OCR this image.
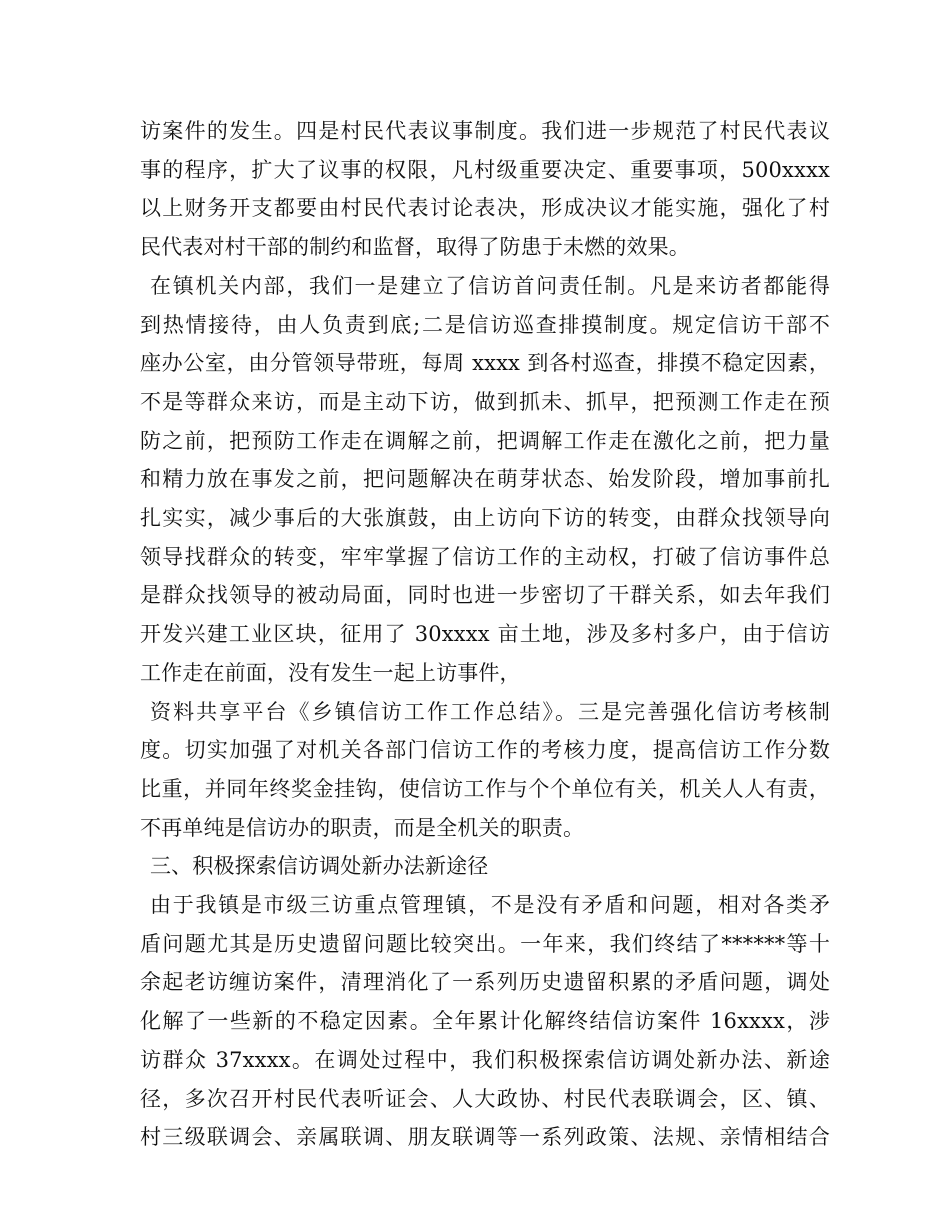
访案件的发生。四是村民代表议事制度。我们进一步规范了村民代表议
事的程序，扩大了议事的权限，凡村级重要决定、重要事项，500xxxx
以上财务开支都要由村民代表讨论表决，形成决议才能实施，强化了村
民代表对村干部的制约和监督，取得了防患于未燃的效果。
在镇机关内部，我们一是建立了信访首问责任制。凡是来访者都能得
到热情接待，由人负责到底;二是信访巡查排摸制度。规定信访干部不
座办公室，由分管领导带班，每周 xxxx 到各村巡查，排摸不稳定因素，
不是等群众来访，而是主动下访，做到抓未、抓早，把预测工作走在预
防之前，把预防工作走在调解之前，把调解工作走在激化之前，把力量
和精力放在事发之前，把问题解决在萌芽状态、始发阶段，增加事前扎
扎实实，减少事后的大张旗鼓，由上访向下访的转变，由群众找领导向
领导找群众的转变，牢牢掌握了信访工作的主动权，打破了信访事件总
是群众找领导的被动局面，同时也进一步密切了干群关系，如去年我们
开发兴建工业区块，征用了 30xxxx 亩土地，涉及多村多户，由于信访
工作走在前面，没有发生一起上访事件，
资料共享平台《乡镇信访工作工作总结》。三是完善强化信访考核制
度。切实加强了对机关各部门信访工作的考核力度，提高信访工作分数
比重，并同年终奖金挂钩，使信访工作与个个单位有关，机关人人有责，
不再单纯是信访办的职责，而是全机关的职责。
三、积极探索信访调处新办法新途径
由于我镇是市级三访重点管理镇，不是没有矛盾和问题，相对各类矛
盾问题尤其是历史遗留问题比较突出。一年来，我们终结了******等十
余起老访缠访案件，清理消化了一系列历史遗留积累的矛盾问题，调处
化解了一些新的不稳定因素。全年累计化解终结信访案件 16xxxx，涉
访群众 37xxxx。在调处过程中，我们积极探索信访调处新办法、新途
径，多次召开村民代表听证会、人大政协、村民代表联调会，区、镇、
村三级联调会、亲属联调、朋友联调等一系列政策、法规、亲情相结合
